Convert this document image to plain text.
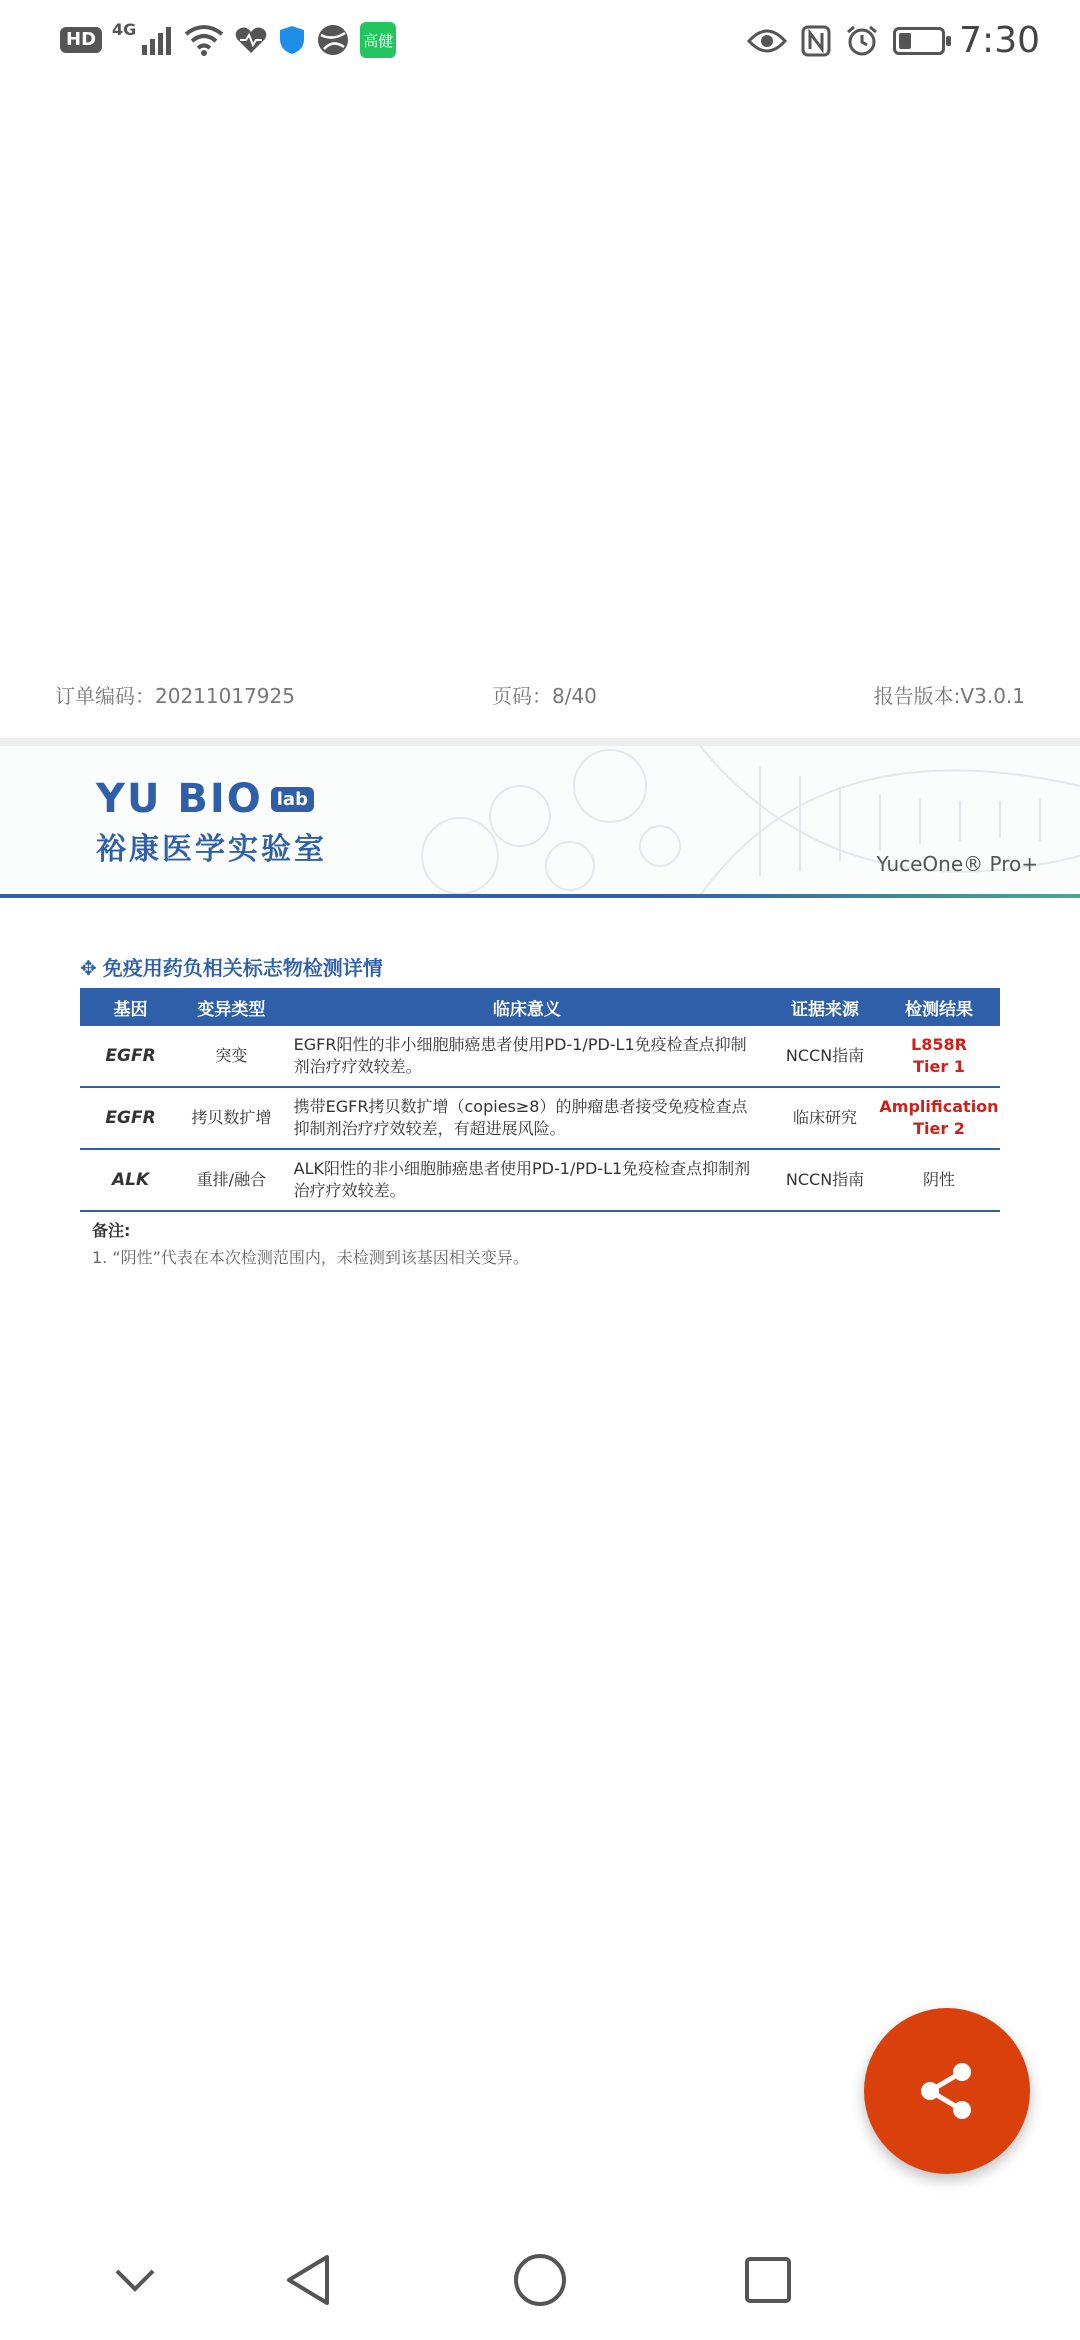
HD	4G
高健	7:30
订单编码：20211017925	页码：8/40	报告版本:V3.0.1
YU BIO lab
裕康医学实验室	YuceOne® Pro+
✥ 免疫用药负相关标志物检测详情
基因	变异类型	临床意义	证据来源	检测结果
EGFR	突变	EGFR阳性的非小细胞肺癌患者使用PD-1/PD-L1免疫检查点抑制剂治疗疗效较差。	NCCN指南	L858R
Tier 1
EGFR	拷贝数扩增	携带EGFR拷贝数扩增（copies≥8）的肿瘤患者接受免疫检查点抑制剂治疗疗效较差，有超进展风险。	临床研究	Amplification
Tier 2
ALK	重排/融合	ALK阳性的非小细胞肺癌患者使用PD-1/PD-L1免疫检查点抑制剂治疗疗效较差。	NCCN指南	阴性
备注:
1. “阴性”代表在本次检测范围内，未检测到该基因相关变异。
